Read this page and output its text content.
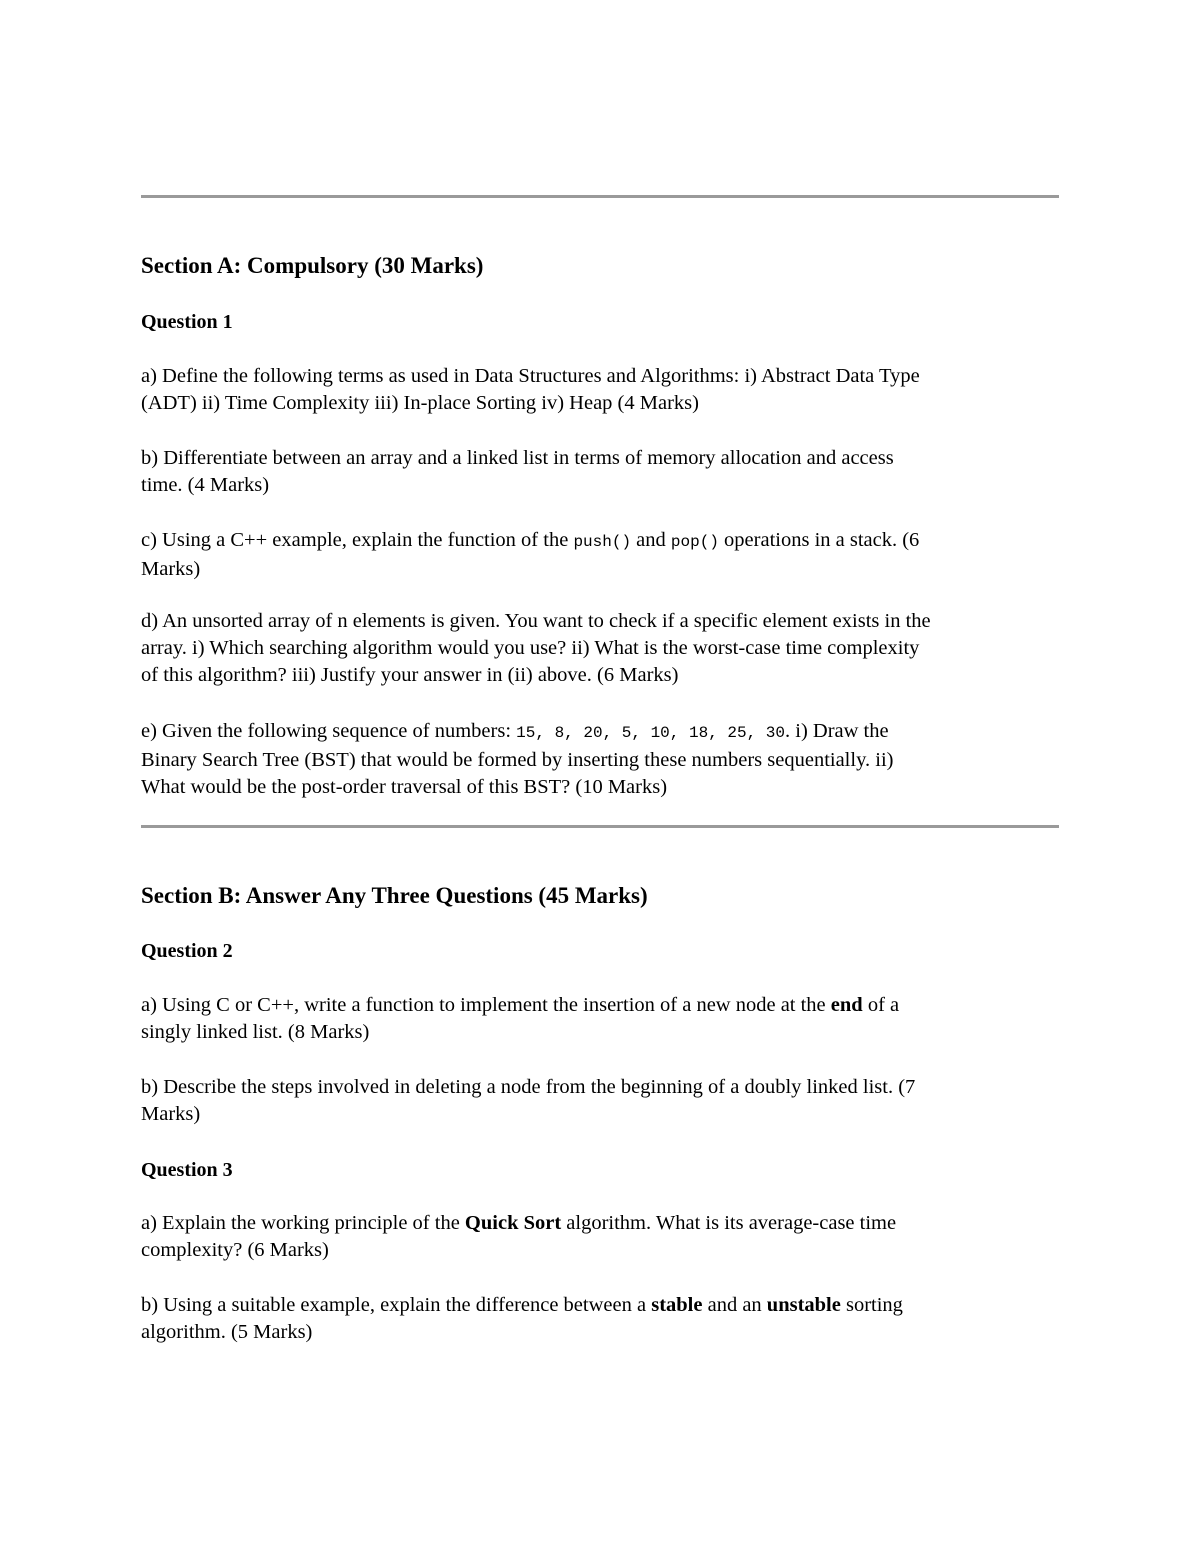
Section A: Compulsory (30 Marks)
Question 1
a) Define the following terms as used in Data Structures and Algorithms: i) Abstract Data Type
(ADT) ii) Time Complexity iii) In-place Sorting iv) Heap (4 Marks)
b) Differentiate between an array and a linked list in terms of memory allocation and access
time. (4 Marks)
c) Using a C++ example, explain the function of the push() and pop() operations in a stack. (6
Marks)
d) An unsorted array of n elements is given. You want to check if a specific element exists in the
array. i) Which searching algorithm would you use? ii) What is the worst-case time complexity
of this algorithm? iii) Justify your answer in (ii) above. (6 Marks)
e) Given the following sequence of numbers: 15, 8, 20, 5, 10, 18, 25, 30. i) Draw the
Binary Search Tree (BST) that would be formed by inserting these numbers sequentially. ii)
What would be the post-order traversal of this BST? (10 Marks)
Section B: Answer Any Three Questions (45 Marks)
Question 2
a) Using C or C++, write a function to implement the insertion of a new node at the end of a
singly linked list. (8 Marks)
b) Describe the steps involved in deleting a node from the beginning of a doubly linked list. (7
Marks)
Question 3
a) Explain the working principle of the Quick Sort algorithm. What is its average-case time
complexity? (6 Marks)
b) Using a suitable example, explain the difference between a stable and an unstable sorting
algorithm. (5 Marks)
